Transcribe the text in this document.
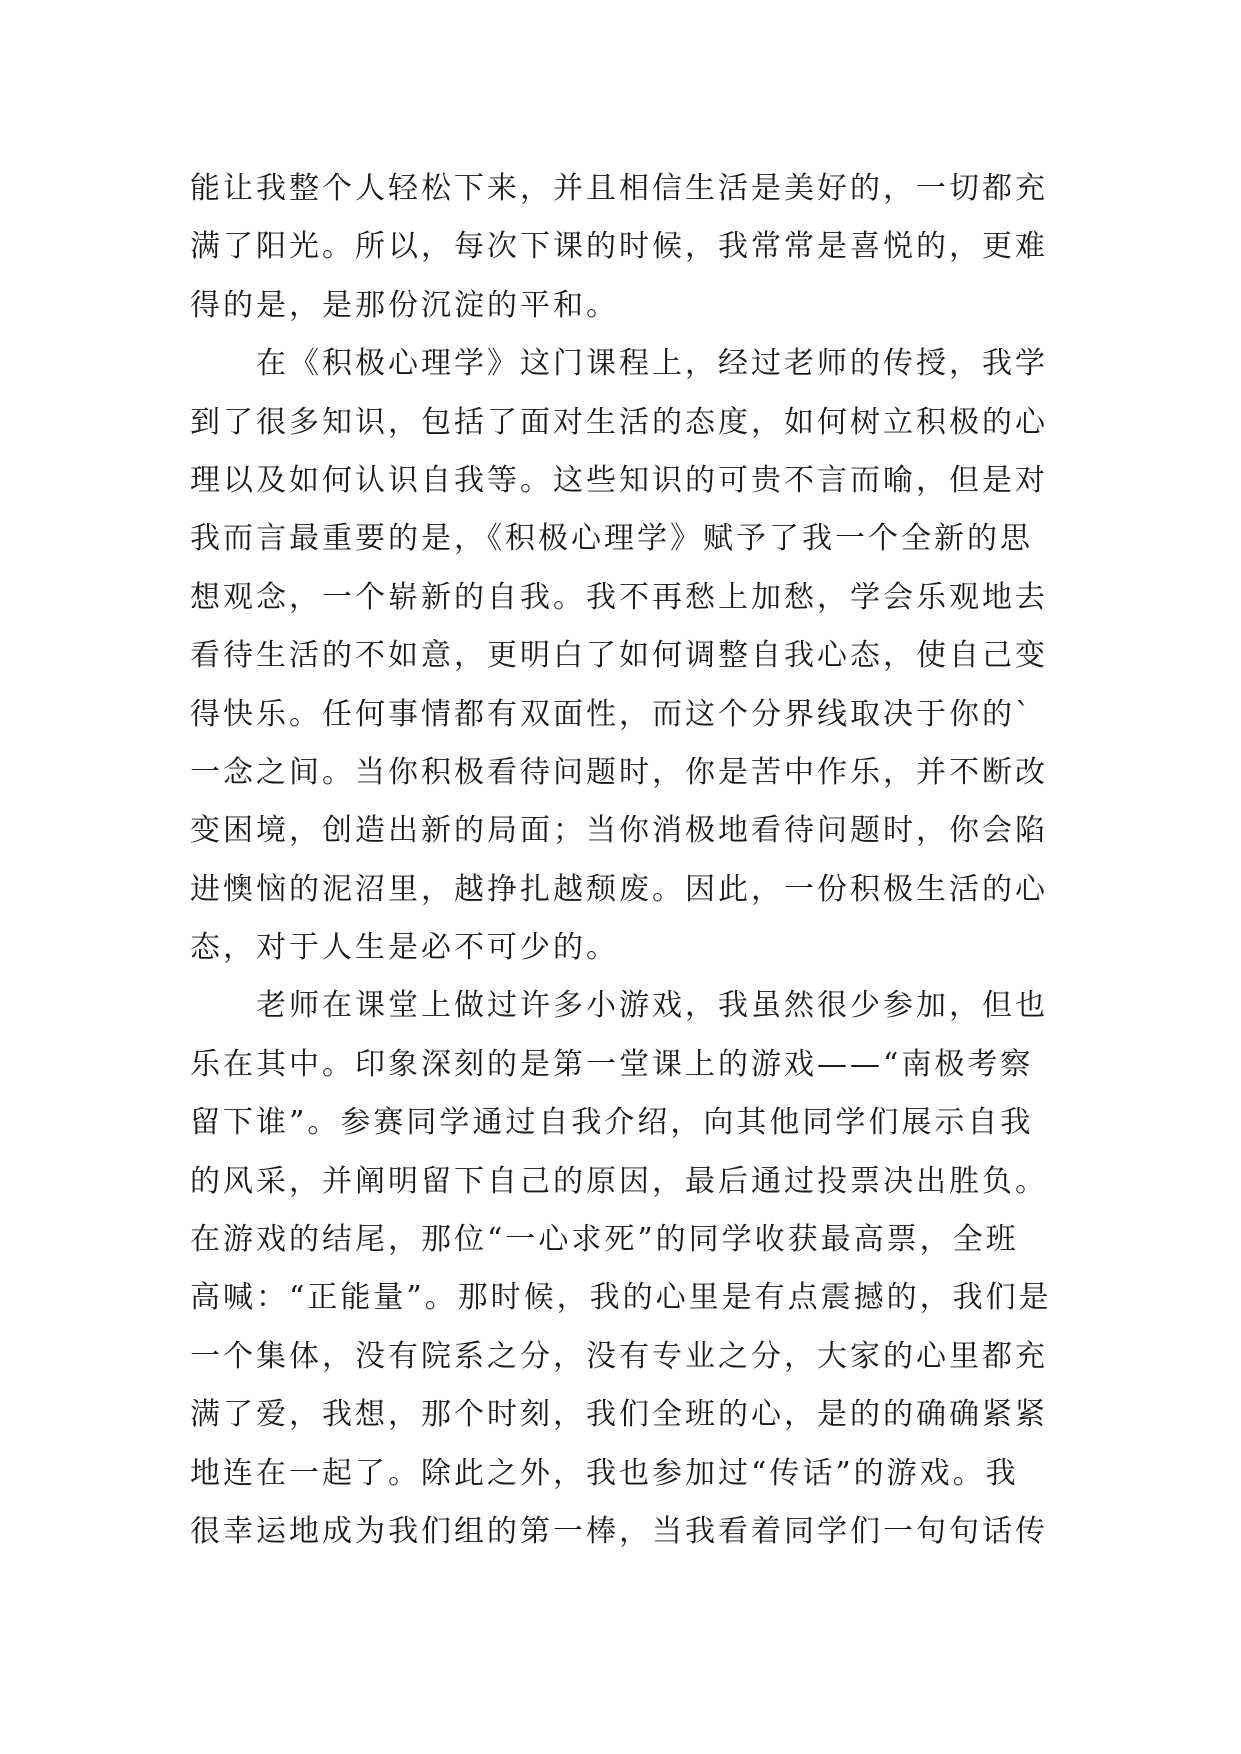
能让我整个人轻松下来，并且相信生活是美好的，一切都充
满了阳光。所以，每次下课的时候，我常常是喜悦的，更难
得的是，是那份沉淀的平和。
在《积极心理学》这门课程上，经过老师的传授，我学
到了很多知识，包括了面对生活的态度，如何树立积极的心
理以及如何认识自我等。这些知识的可贵不言而喻，但是对
我而言最重要的是，《积极心理学》赋予了我一个全新的思
想观念，一个崭新的自我。我不再愁上加愁，学会乐观地去
看待生活的不如意，更明白了如何调整自我心态，使自己变
得快乐。任何事情都有双面性，而这个分界线取决于你的`
一念之间。当你积极看待问题时，你是苦中作乐，并不断改
变困境，创造出新的局面；当你消极地看待问题时，你会陷
进懊恼的泥沼里，越挣扎越颓废。因此，一份积极生活的心
态，对于人生是必不可少的。
老师在课堂上做过许多小游戏，我虽然很少参加，但也
乐在其中。印象深刻的是第一堂课上的游戏——“南极考察
留下谁”。参赛同学通过自我介绍，向其他同学们展示自我
的风采，并阐明留下自己的原因，最后通过投票决出胜负。
在游戏的结尾，那位“一心求死”的同学收获最高票，全班
高喊：“正能量”。那时候，我的心里是有点震撼的，我们是
一个集体，没有院系之分，没有专业之分，大家的心里都充
满了爱，我想，那个时刻，我们全班的心，是的的确确紧紧
地连在一起了。除此之外，我也参加过“传话”的游戏。我
很幸运地成为我们组的第一棒，当我看着同学们一句句话传
